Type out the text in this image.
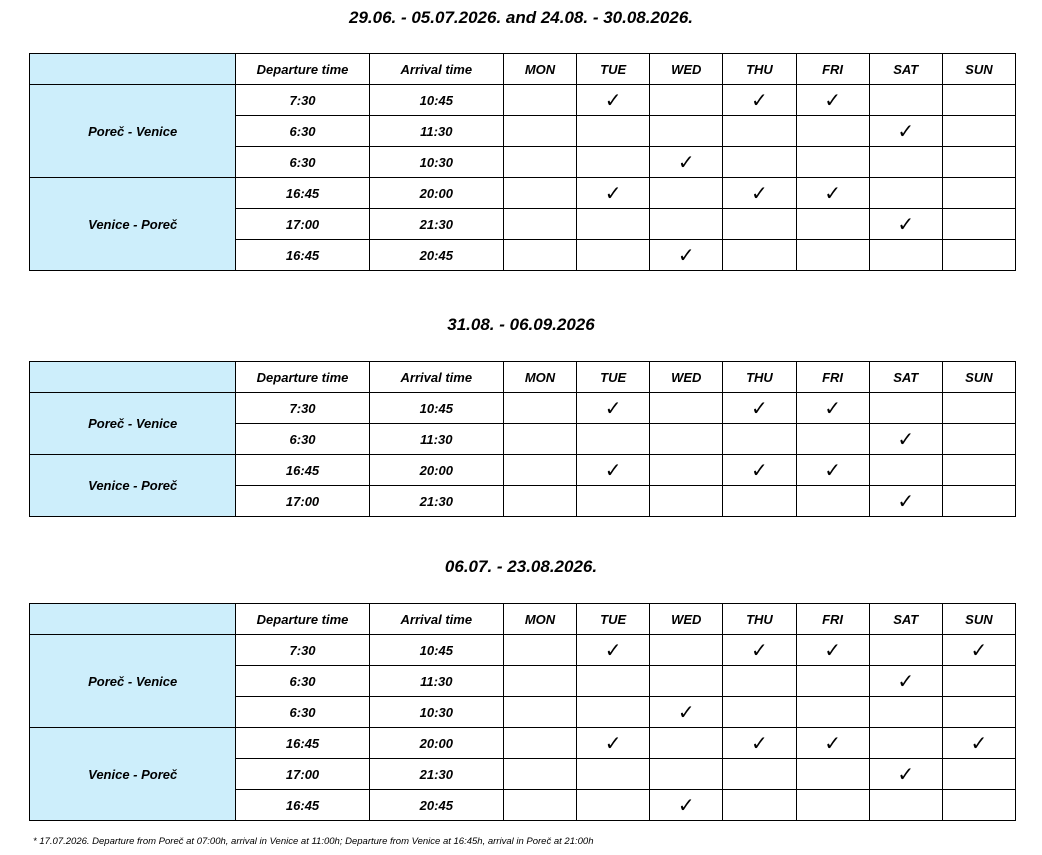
29.06. - 05.07.2026. and 24.08. - 30.08.2026.
	Departure time	Arrival time	MON	TUE	WED	THU	FRI	SAT	SUN
Poreč - Venice	7:30	10:45		✓		✓	✓		
	6:30	11:30						✓	
	6:30	10:30			✓				
Venice - Poreč	16:45	20:00		✓		✓	✓		
	17:00	21:30						✓	
	16:45	20:45			✓				
31.08. - 06.09.2026
	Departure time	Arrival time	MON	TUE	WED	THU	FRI	SAT	SUN
Poreč - Venice	7:30	10:45		✓		✓	✓		
	6:30	11:30						✓	
Venice - Poreč	16:45	20:00		✓		✓	✓		
	17:00	21:30						✓	
06.07. - 23.08.2026.
	Departure time	Arrival time	MON	TUE	WED	THU	FRI	SAT	SUN
Poreč - Venice	7:30	10:45		✓		✓	✓		✓
	6:30	11:30						✓	
	6:30	10:30			✓				
Venice - Poreč	16:45	20:00		✓		✓	✓		✓
	17:00	21:30						✓	
	16:45	20:45			✓				
* 17.07.2026. Departure from Poreč at 07:00h, arrival in Venice at 11:00h; Departure from Venice at 16:45h, arrival in Poreč at 21:00h
